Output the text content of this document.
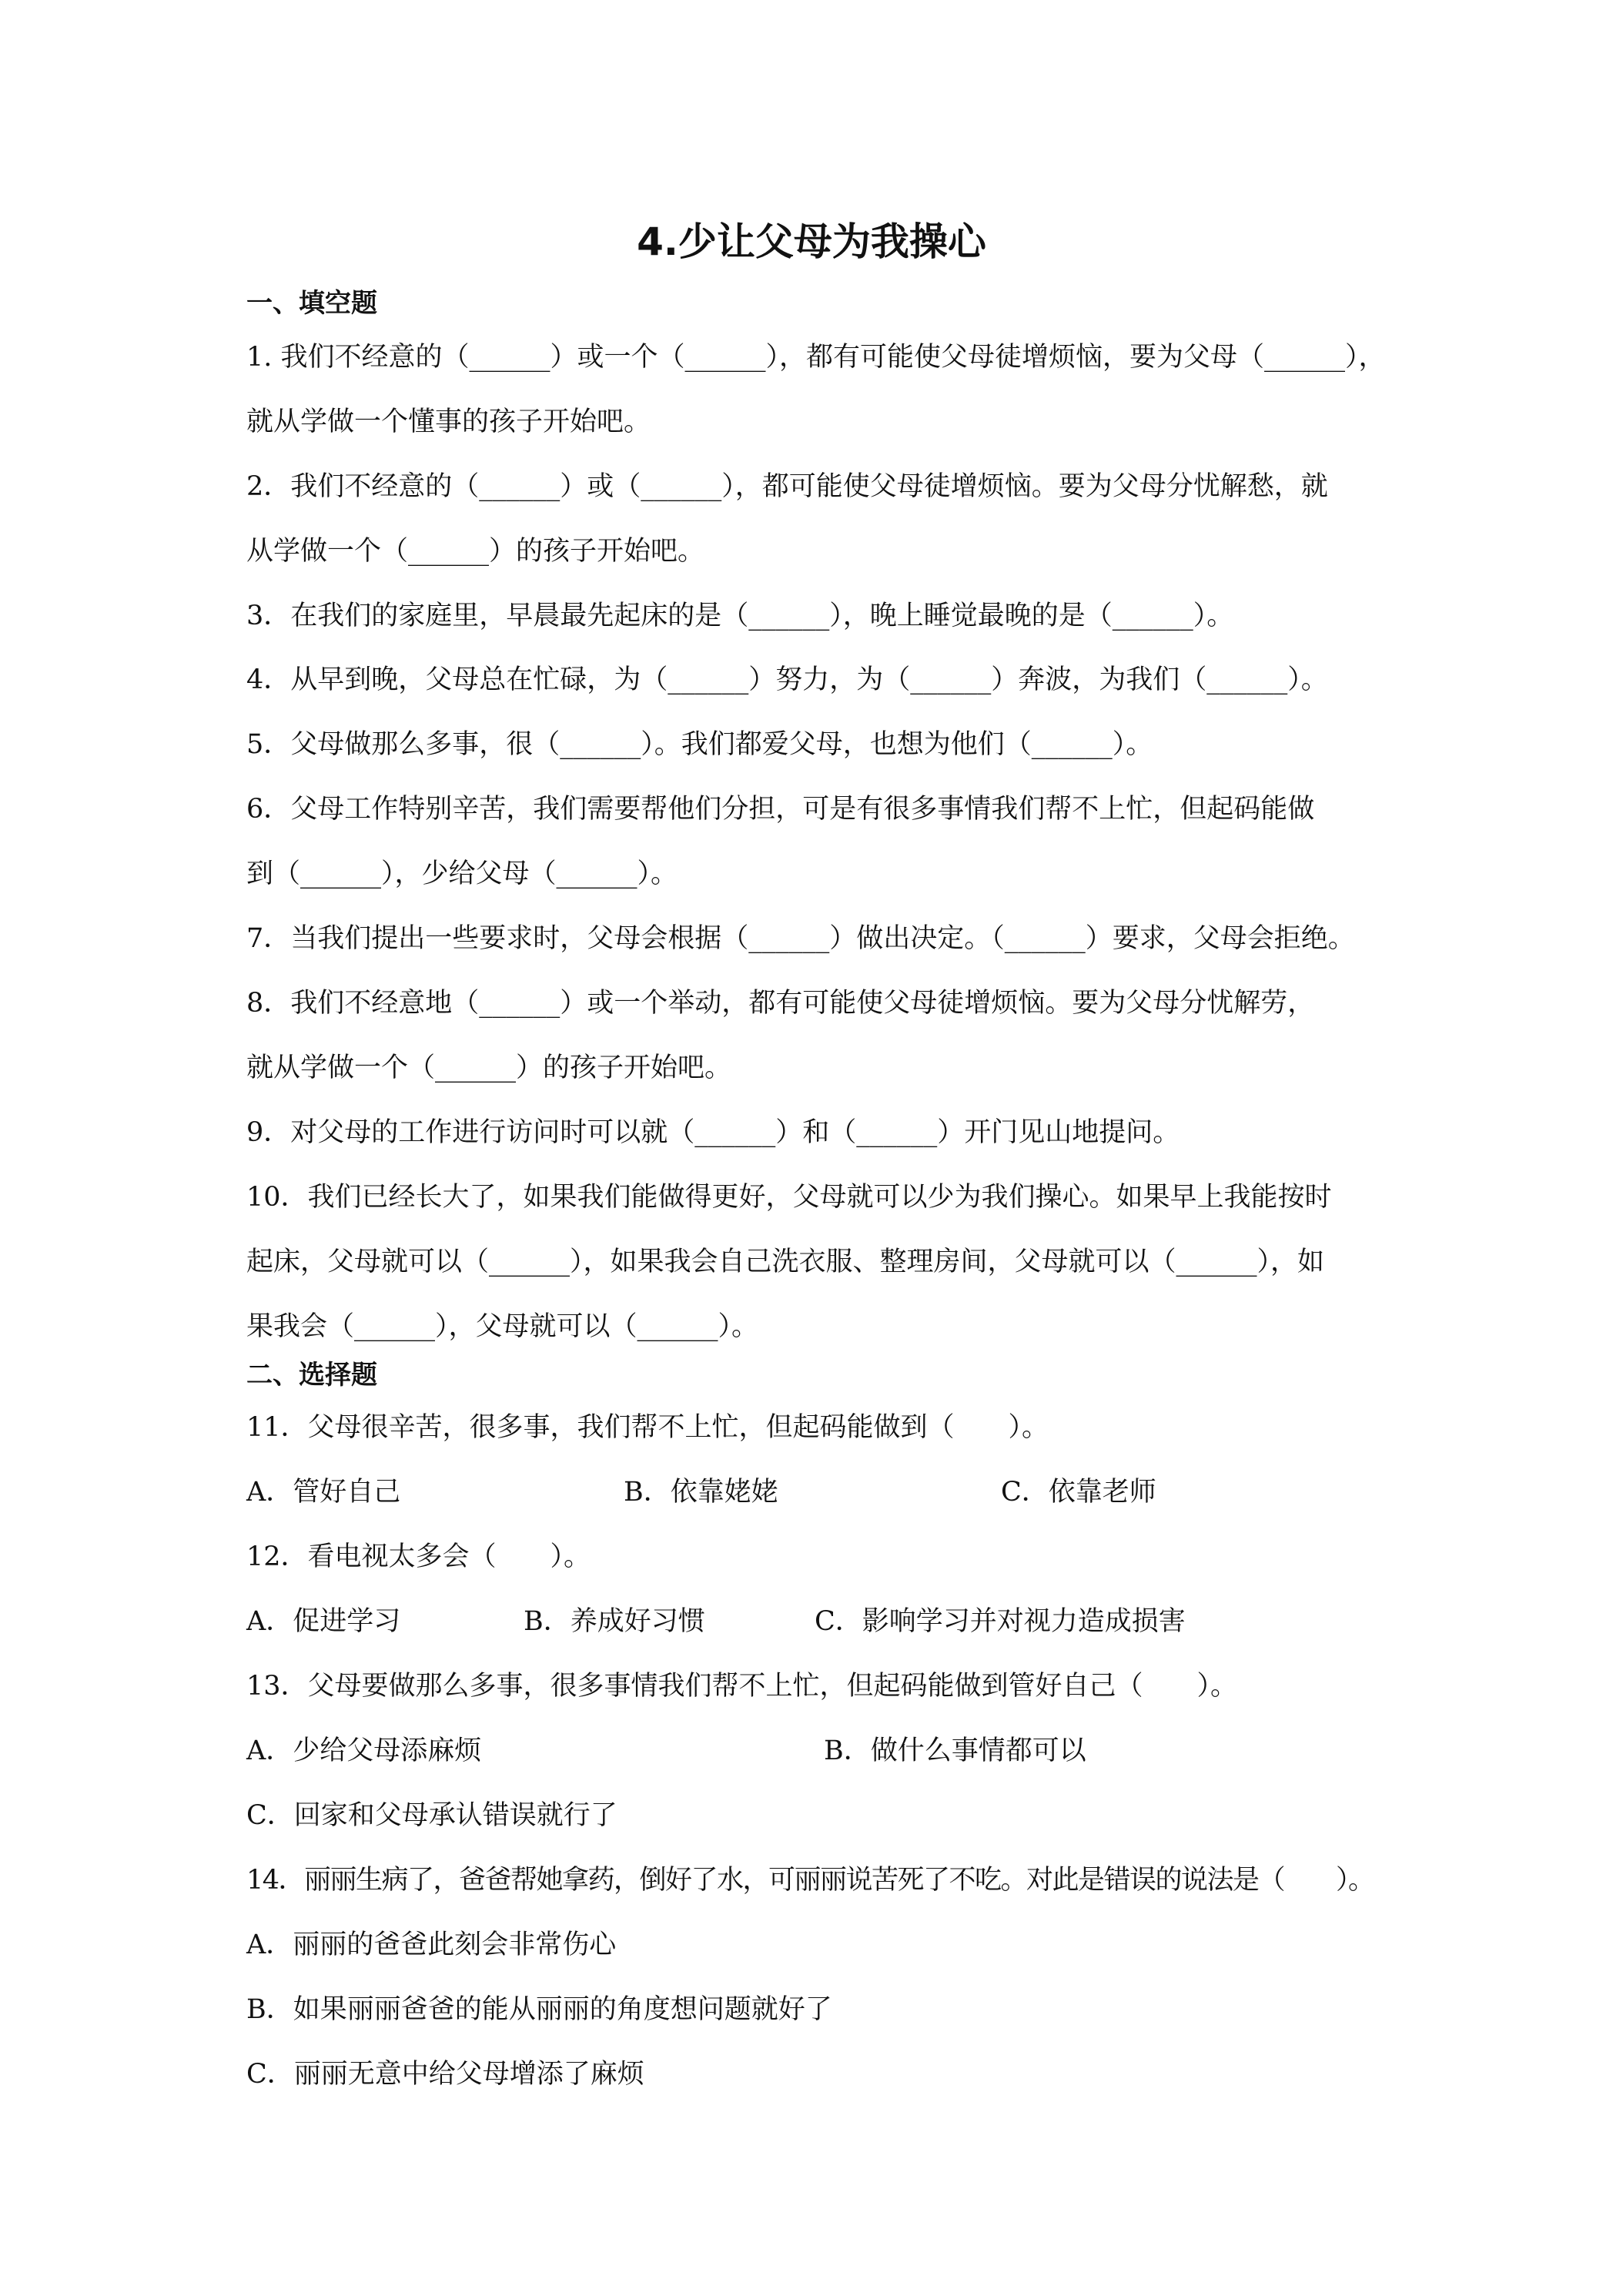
4.少让父母为我操心
一、填空题
1. 我们不经意的（______）或一个（______），都有可能使父母徒增烦恼，要为父母（______），
就从学做一个懂事的孩子开始吧。
2．我们不经意的（______）或（______），都可能使父母徒增烦恼。要为父母分忧解愁，就
从学做一个（______）的孩子开始吧。
3．在我们的家庭里，早晨最先起床的是（______），晚上睡觉最晚的是（______）。
4．从早到晚，父母总在忙碌，为（______）努力，为（______）奔波，为我们（______）。
5．父母做那么多事，很（______）。我们都爱父母，也想为他们（______）。
6．父母工作特别辛苦，我们需要帮他们分担，可是有很多事情我们帮不上忙，但起码能做
到（______），少给父母（______）。
7．当我们提出一些要求时，父母会根据（______）做出决定。（______）要求，父母会拒绝。
8．我们不经意地（______）或一个举动，都有可能使父母徒增烦恼。要为父母分忧解劳，
就从学做一个（______）的孩子开始吧。
9．对父母的工作进行访问时可以就（______）和（______）开门见山地提问。
10．我们已经长大了，如果我们能做得更好，父母就可以少为我们操心。如果早上我能按时
起床，父母就可以（______），如果我会自己洗衣服、整理房间，父母就可以（______），如
果我会（______），父母就可以（______）。
二、选择题
11．父母很辛苦，很多事，我们帮不上忙，但起码能做到（　　）。
A．管好自己	B．依靠姥姥	C．依靠老师
12．看电视太多会（　　）。
A．促进学习	B．养成好习惯	C．影响学习并对视力造成损害
13．父母要做那么多事，很多事情我们帮不上忙，但起码能做到管好自己（　　）。
A．少给父母添麻烦	B．做什么事情都可以
C．回家和父母承认错误就行了
14．丽丽生病了，爸爸帮她拿药，倒好了水，可丽丽说苦死了不吃。对此是错误的说法是（　　）。
A．丽丽的爸爸此刻会非常伤心
B．如果丽丽爸爸的能从丽丽的角度想问题就好了
C．丽丽无意中给父母增添了麻烦
